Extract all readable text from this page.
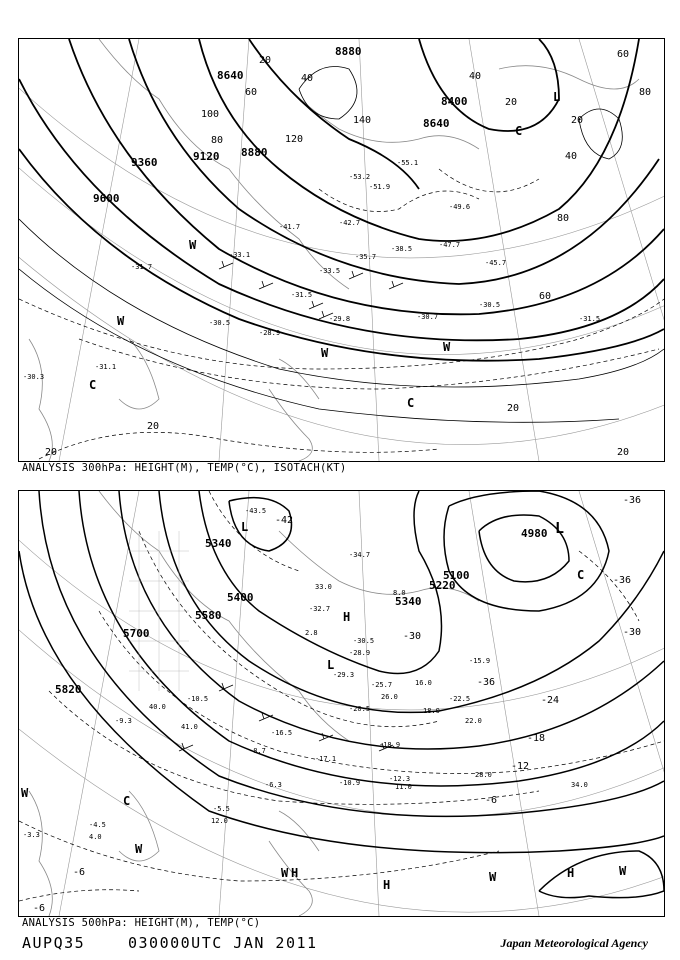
8880
8640
9120
9360
9600
8880
8640
8400
20
40
60
80
100
120
140
20
40
60
80
20
40
60
80
20
20
20	20
-55.1
-53.2
-51.9
-49.6
-47.7
-45.7
-42.7
-41.7
-38.5
-35.7
-33.5
-31.5
-30.7
-29.8
-28.9
-31.1
-31.7
-30.3
-30.5
-33.1
-30.5
-31.5
L
C
W
W
W
C
C
W
ANALYSIS 300hPa: HEIGHT(M), TEMP(°C), ISOTACH(KT)
5340
5400
5580
5700
5820
5100
5220
5340
4980
-42
-36
-36
-36
-30	-30
-24
-18
-12
-6
-6
-6
-43.5
-34.7
-32.7
-30.5
-29.3
-28.9
-25.7
-22.5
-20.5
-18.9
-17.1
-16.5
-15.9
-12.3
-10.9
-10.5
-9.3
-8.7
-6.3
-5.5
-4.5
-3.3
2.8
4.0
8.0
11.0
12.0
16.0
18.0
22.0
26.0
28.0
33.0
34.0
40.0
41.0
L
L
H
L
C
C
W
W
H
H
W	H	W
W
ANALYSIS 500hPa: HEIGHT(M), TEMP(°C)
AUPQ35	030000UTC JAN 2011	Japan Meteorological Agency
